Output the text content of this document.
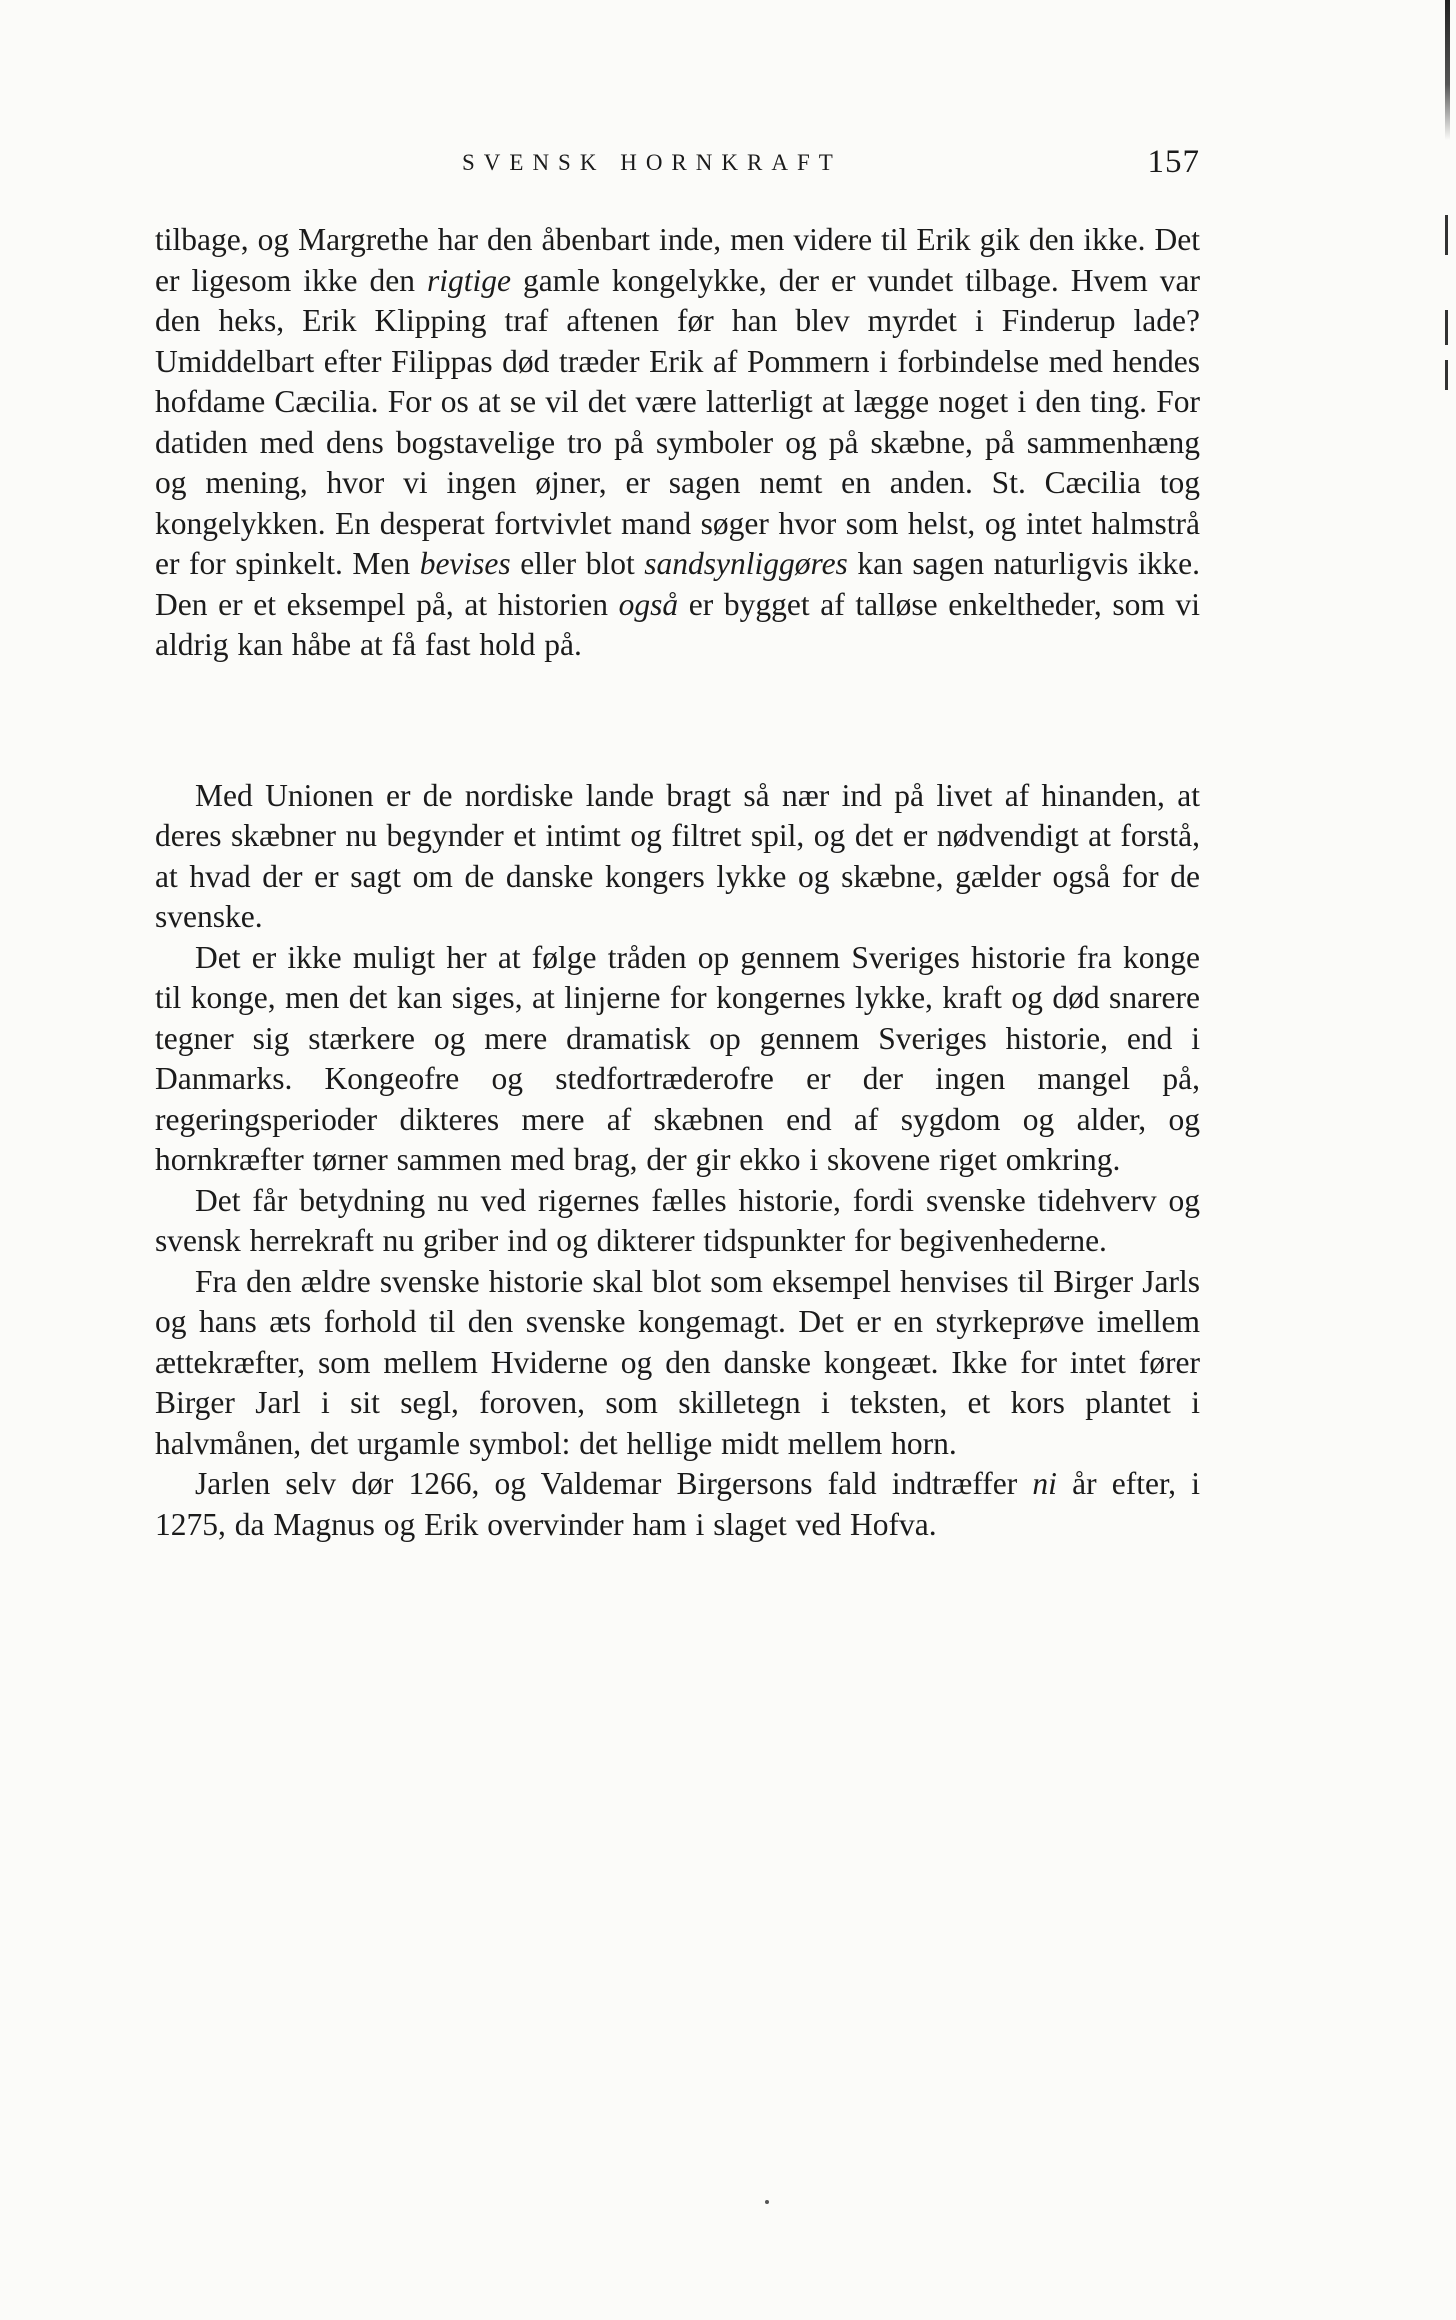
SVENSK HORNKRAFT	157

tilbage, og Margrethe har den åbenbart inde, men videre til Erik gik den ikke. Det er ligesom ikke den rigtige gamle kongelykke, der er vundet tilbage. Hvem var den heks, Erik Klipping traf aftenen før han blev myrdet i Finderup lade? Umiddelbart efter Filippas død træder Erik af Pommern i forbindelse med hendes hofdame Cæcilia. For os at se vil det være latterligt at lægge noget i den ting. For datiden med dens bogstavelige tro på symboler og på skæbne, på sammenhæng og mening, hvor vi ingen øjner, er sagen nemt en anden. St. Cæcilia tog kongelykken. En desperat fortvivlet mand søger hvor som helst, og intet halmstrå er for spinkelt. Men bevises eller blot sandsynliggøres kan sagen naturligvis ikke. Den er et eksempel på, at historien også er bygget af talløse enkeltheder, som vi aldrig kan håbe at få fast hold på.

Med Unionen er de nordiske lande bragt så nær ind på livet af hinanden, at deres skæbner nu begynder et intimt og filtret spil, og det er nødvendigt at forstå, at hvad der er sagt om de danske kongers lykke og skæbne, gælder også for de svenske.

Det er ikke muligt her at følge tråden op gennem Sveriges historie fra konge til konge, men det kan siges, at linjerne for kongernes lykke, kraft og død snarere tegner sig stærkere og mere dramatisk op gennem Sveriges historie, end i Danmarks. Kongeofre og stedfortræderofre er der ingen mangel på, regeringsperioder dikteres mere af skæbnen end af sygdom og alder, og hornkræfter tørner sammen med brag, der gir ekko i skovene riget omkring.

Det får betydning nu ved rigernes fælles historie, fordi svenske tidehverv og svensk herrekraft nu griber ind og dikterer tidspunkter for begivenhederne.

Fra den ældre svenske historie skal blot som eksempel henvises til Birger Jarls og hans æts forhold til den svenske kongemagt. Det er en styrkeprøve imellem ættekræfter, som mellem Hviderne og den danske kongeæt. Ikke for intet fører Birger Jarl i sit segl, foroven, som skilletegn i teksten, et kors plantet i halvmånen, det urgamle symbol: det hellige midt mellem horn.

Jarlen selv dør 1266, og Valdemar Birgersons fald indtræffer ni år efter, i 1275, da Magnus og Erik overvinder ham i slaget ved Hofva.
